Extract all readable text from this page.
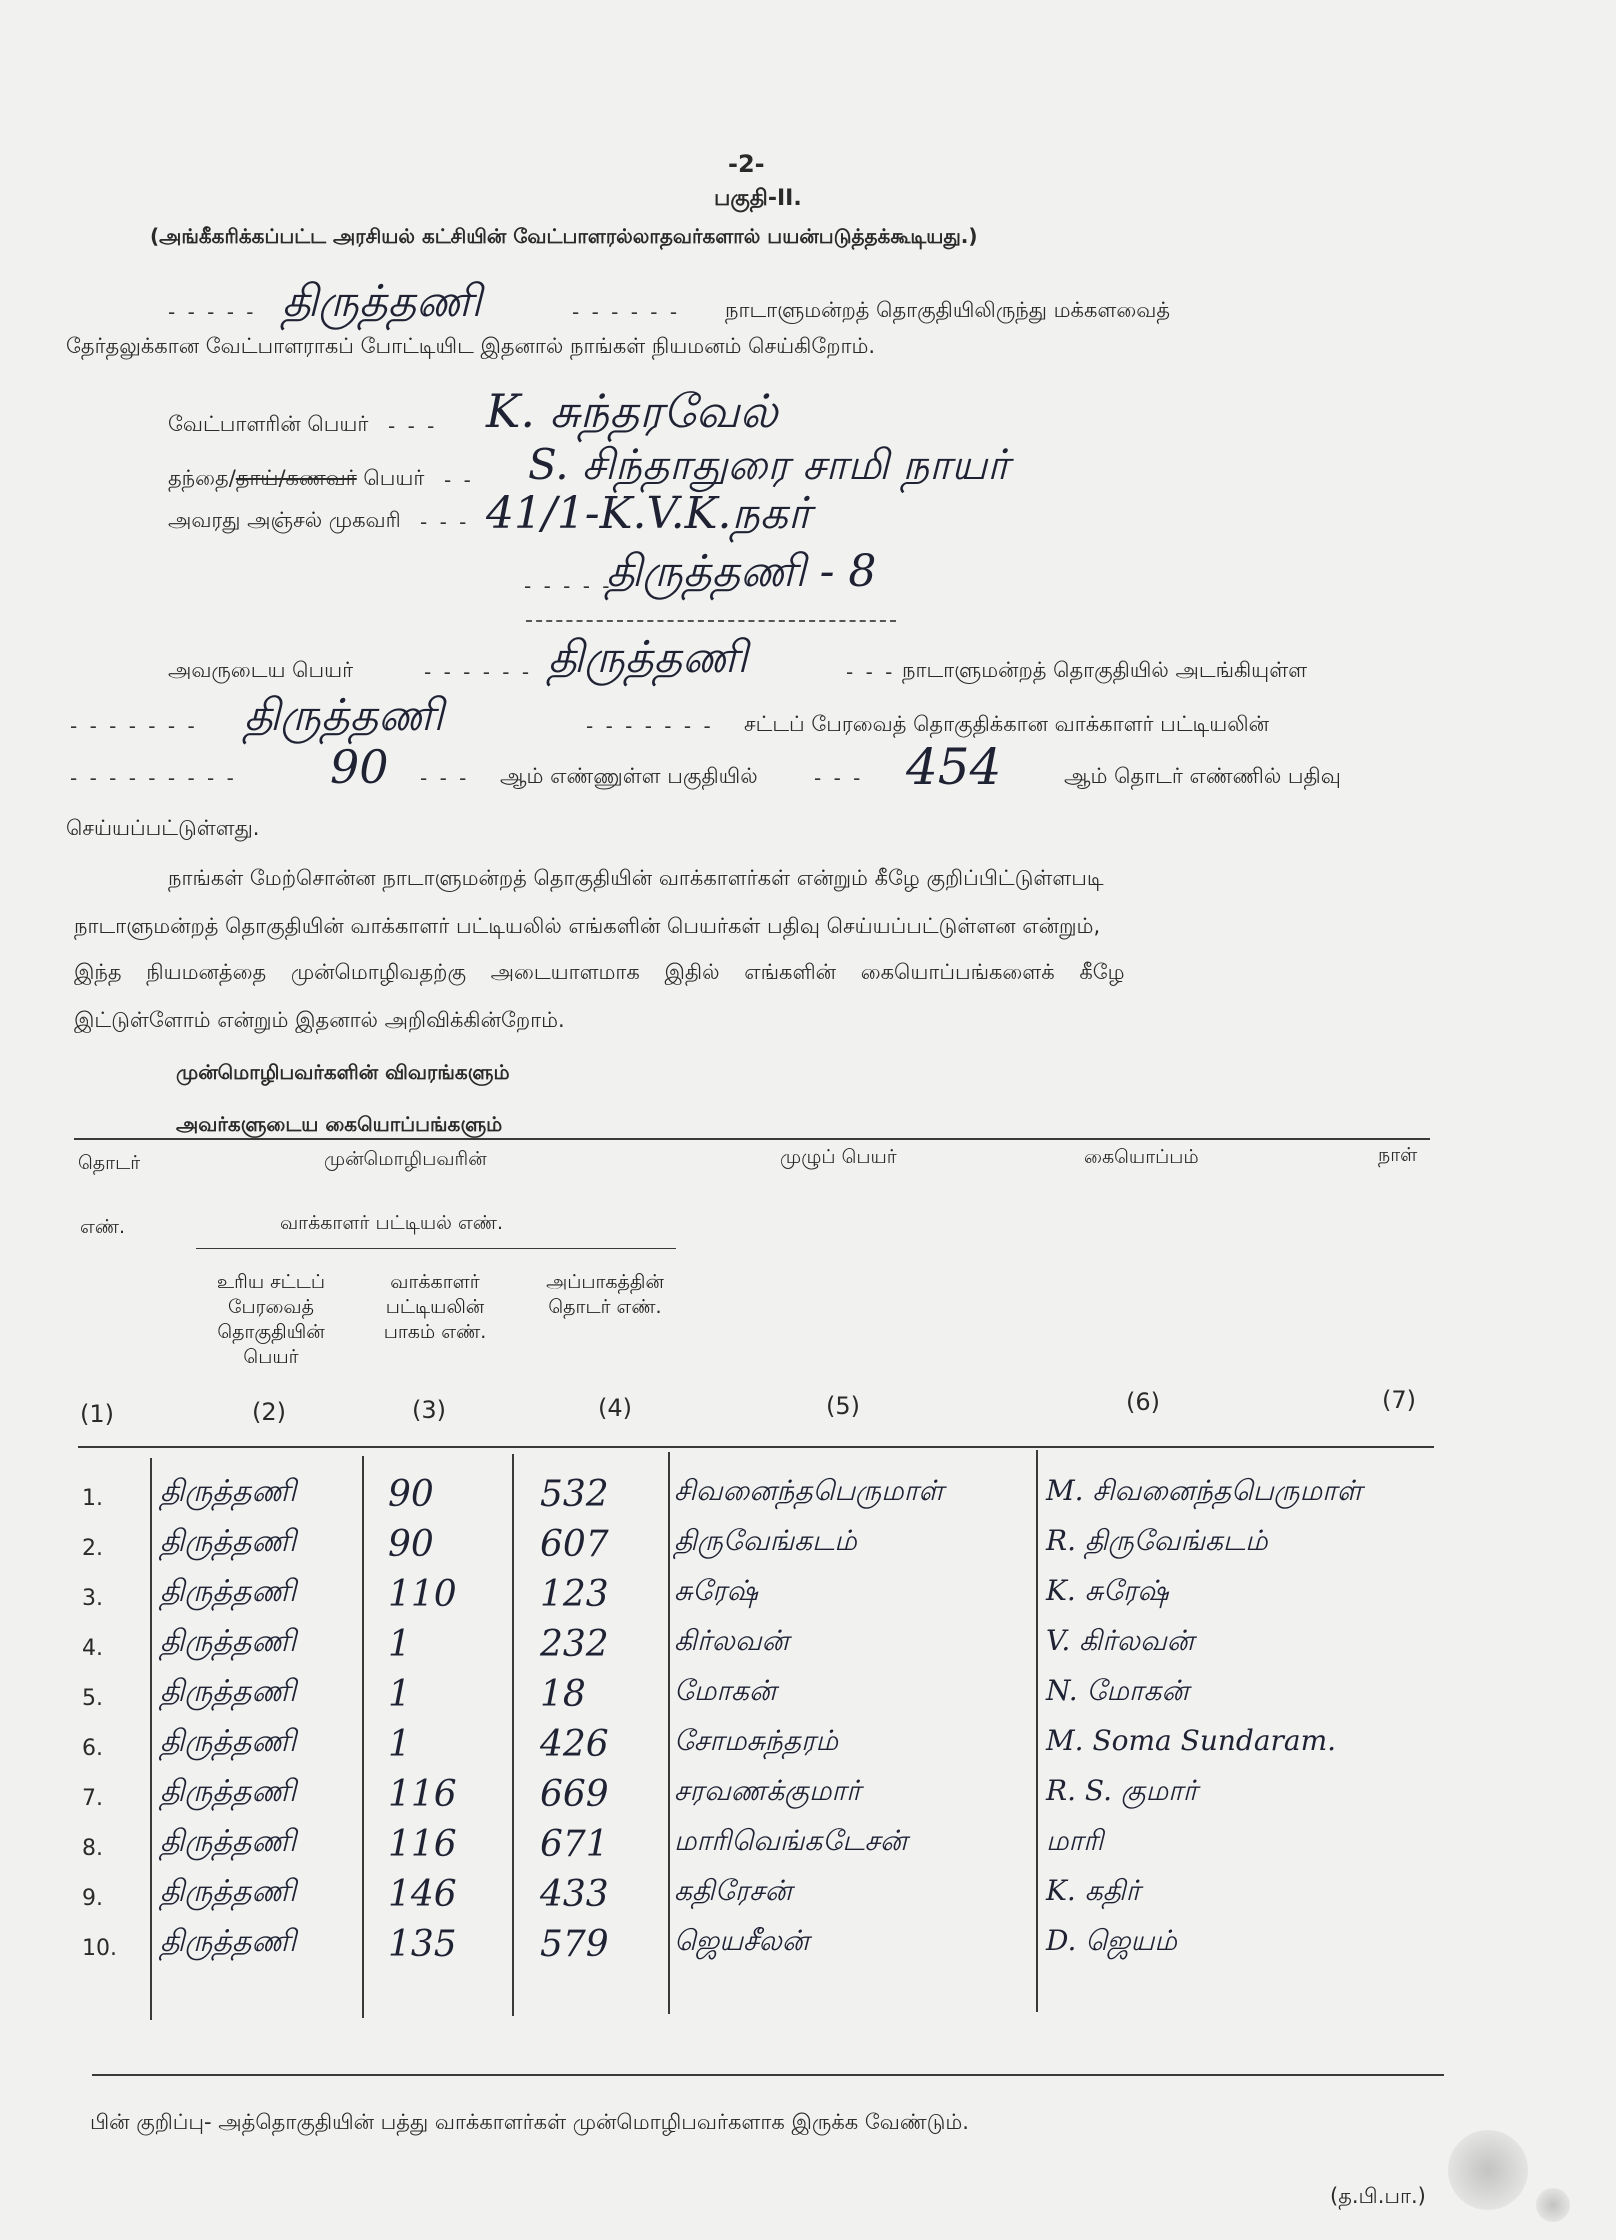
-2-
பகுதி-II.
(அங்கீகரிக்கப்பட்ட அரசியல் கட்சியின் வேட்பாளரல்லாதவர்களால் பயன்படுத்தக்கூடியது.)
- - - - - திருத்தணி	- - - - - - நாடாளுமன்றத் தொகுதியிலிருந்து மக்களவைத்
தேர்தலுக்கான வேட்பாளராகப் போட்டியிட இதனால் நாங்கள் நியமனம் செய்கிறோம்.
வேட்பாளரின் பெயர் - - - K. சுந்தரவேல்
தந்தை/தாய்/கணவர் பெயர் - - S. சிந்தாதுரை சாமி நாயர்
அவரது அஞ்சல் முகவரி - - - 41/1-K.V.K.நகர்
- - - - -
திருத்தணி - 8
அவருடைய பெயர்	- - - - - - திருத்தணி	- - - நாடாளுமன்றத் தொகுதியில் அடங்கியுள்ள
- - - - - - - திருத்தணி	- - - - - - - சட்டப் பேரவைத் தொகுதிக்கான வாக்காளர் பட்டியலின்
- - - - - - - - - 90 - - - ஆம் எண்ணுள்ள பகுதியில்	- - - 454	ஆம் தொடர் எண்ணில் பதிவு
செய்யப்பட்டுள்ளது.
நாங்கள் மேற்சொன்ன நாடாளுமன்றத் தொகுதியின் வாக்காளர்கள் என்றும் கீழே குறிப்பிட்டுள்ளபடி
நாடாளுமன்றத் தொகுதியின் வாக்காளர் பட்டியலில் எங்களின் பெயர்கள் பதிவு செய்யப்பட்டுள்ளன என்றும்,
இந்த நியமனத்தை முன்மொழிவதற்கு அடையாளமாக இதில் எங்களின் கையொப்பங்களைக் கீழே
இட்டுள்ளோம் என்றும் இதனால் அறிவிக்கின்றோம்.
முன்மொழிபவர்களின் விவரங்களும்
அவர்களுடைய கையொப்பங்களும்
தொடர்	முன்மொழிபவரின்	முழுப் பெயர்	கையொப்பம்	நாள்
எண்.	வாக்காளர் பட்டியல் எண்.
உரிய சட்டப் பேரவைத் தொகுதியின் பெயர்
வாக்காளர் பட்டியலின் பாகம் எண்.
அப்பாகத்தின் தொடர் எண்.
(1)	(2)	(3)	(4)	(5)	(6)	(7)
1. திருத்தணி	90	532 சிவனைந்தபெருமாள்	M. சிவனைந்தபெருமாள்
2. திருத்தணி	90	607 திருவேங்கடம்	R. திருவேங்கடம்
3. திருத்தணி	110 123 சுரேஷ்	K. சுரேஷ்
4. திருத்தணி	1	232 கிர்லவன்	V. கிர்லவன்
5. திருத்தணி	1	18	மோகன்	N. மோகன்
6. திருத்தணி	1	426 சோமசுந்தரம்	M. Soma Sundaram.
7. திருத்தணி	116 669 சரவணக்குமார்	R. S. குமார்
8. திருத்தணி	116 671 மாரிவெங்கடேசன்	மாரி
9. திருத்தணி	146 433 கதிரேசன்	K. கதிர்
10. திருத்தணி	135 579 ஜெயசீலன்	D. ஜெயம்
பின் குறிப்பு- அத்தொகுதியின் பத்து வாக்காளர்கள் முன்மொழிபவர்களாக இருக்க வேண்டும்.
(த.பி.பா.)
